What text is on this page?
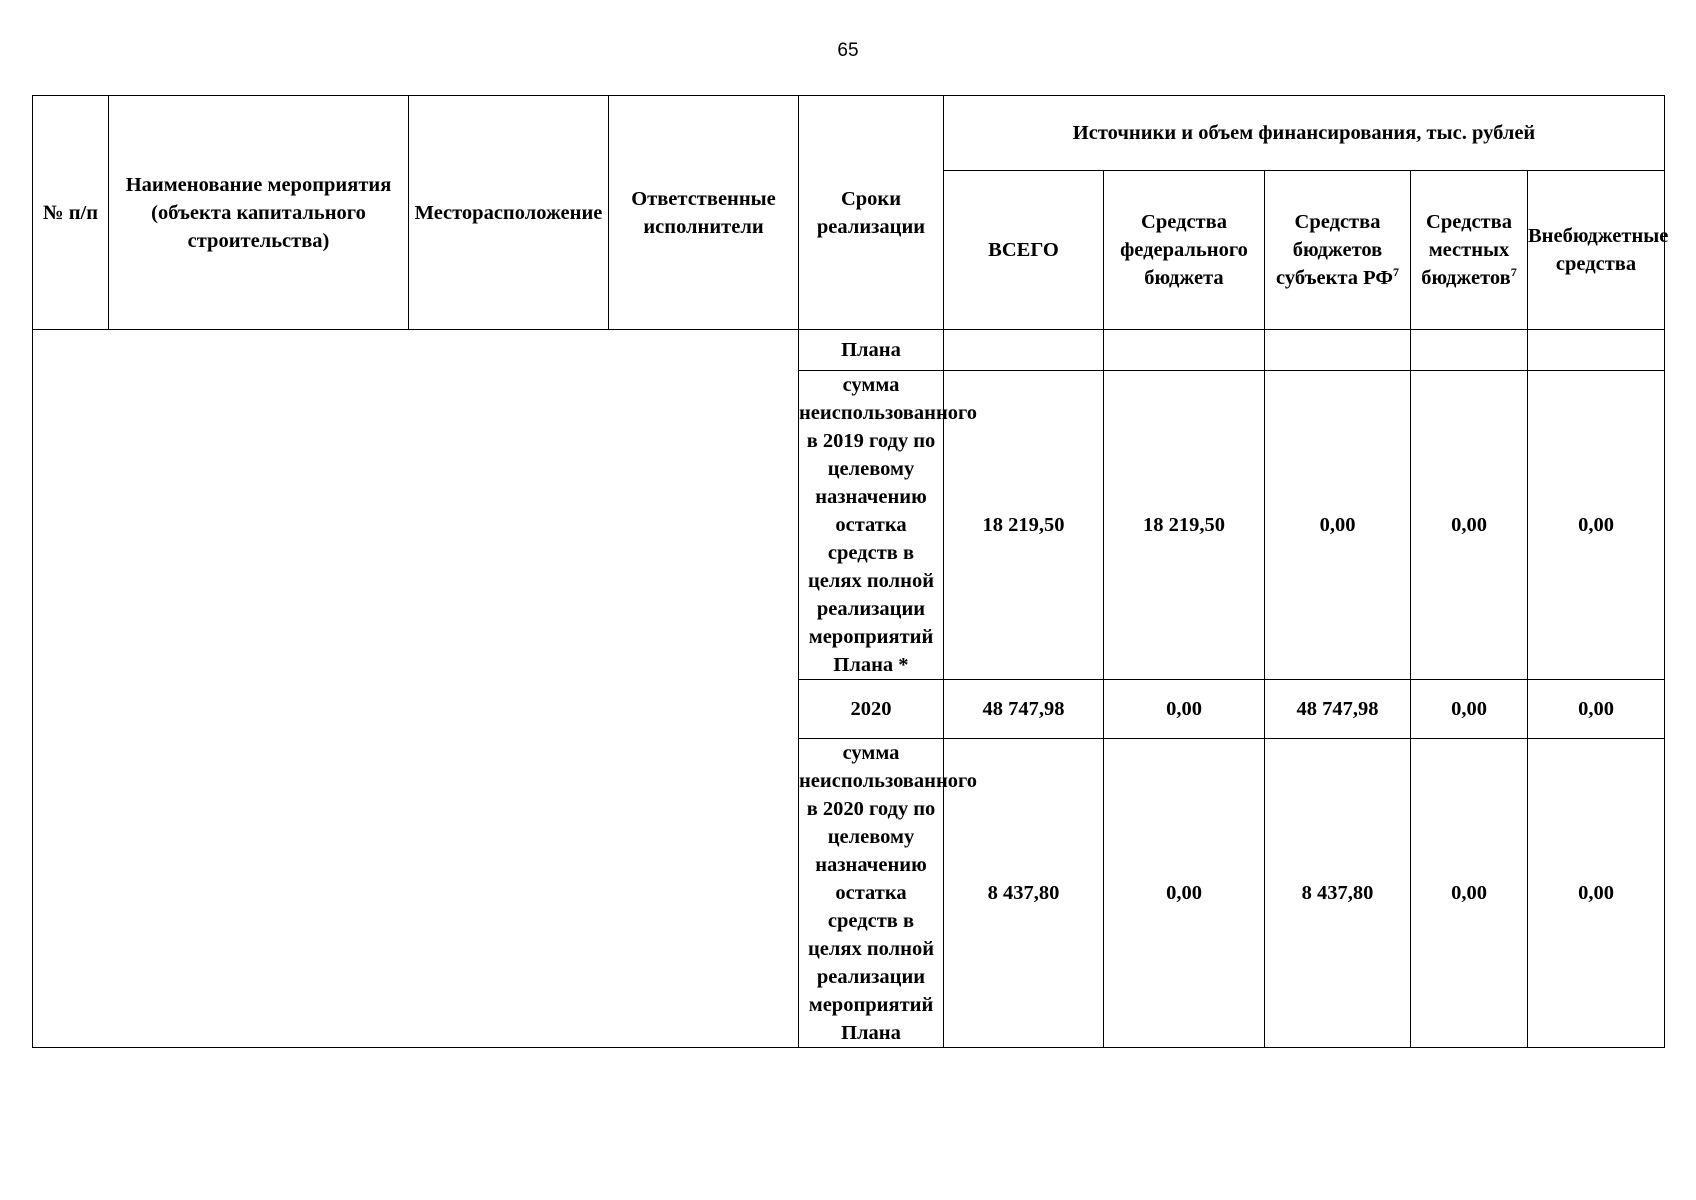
65
№ п/п	Наименование мероприятия (объекта капитального строительства)	Месторасположение	Ответственные исполнители	Сроки реализации	Источники и объем финансирования, тыс. рублей				
					ВСЕГО	Средства федерального бюджета	Средства бюджетов субъекта $РФ^7$	Средства местных бюджетов$^7$	Внебюджетные средства
				Плана					
				сумма неиспользованного в 2019 году по целевому назначению остатка средств в целях полной реализации мероприятий Плана *	18 219,50	18 219,50	0,00	0,00	0,00
				2020	48 747,98	0,00	48 747,98	0,00	0,00
				сумма неиспользованного в 2020 году по целевому назначению остатка средств в целях полной реализации мероприятий Плана	8 437,80	0,00	8 437,80	0,00	0,00
